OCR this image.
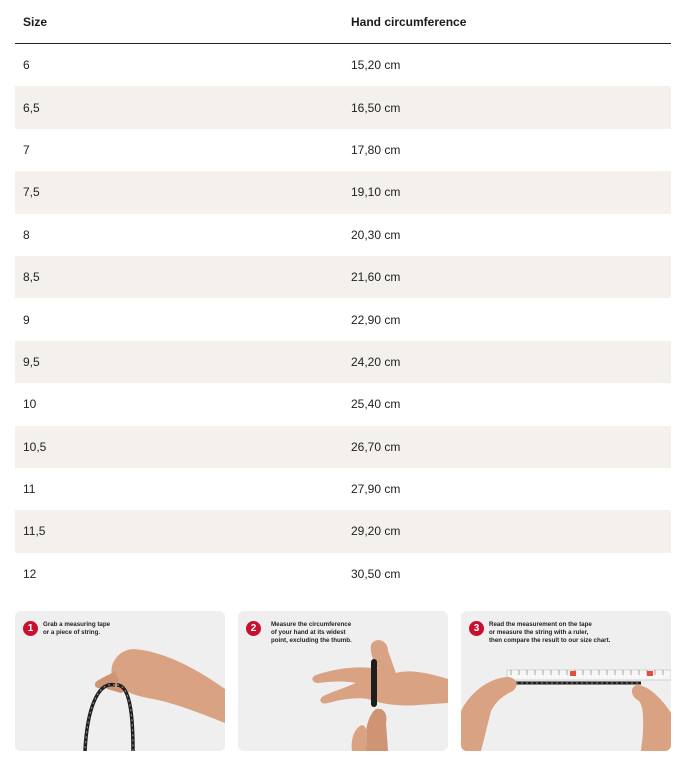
Size	Hand circumference
6	15,20 cm
6,5	16,50 cm
7	17,80 cm
7,5	19,10 cm
8	20,30 cm
8,5	21,60 cm
9	22,90 cm
9,5	24,20 cm
10	25,40 cm
10,5	26,70 cm
11	27,90 cm
11,5	29,20 cm
12	30,50 cm
1	Grab a measuring tape
or a piece of string.	2	Measure the circumference
of your hand at its widest
point, excluding the thumb.
3	Read the measurement on the tape
or measure the string with a ruler,
then compare the result to our size chart.
